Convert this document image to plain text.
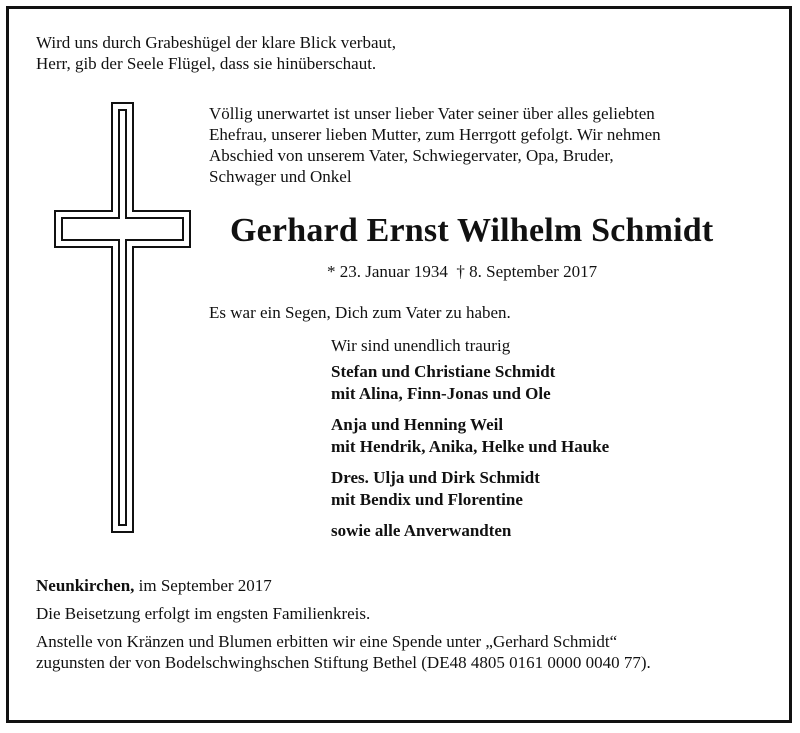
Wird uns durch Grabeshügel der klare Blick verbaut,
Herr, gib der Seele Flügel, dass sie hinüberschaut.
Völlig unerwartet ist unser lieber Vater seiner über alles geliebten
Ehefrau, unserer lieben Mutter, zum Herrgott gefolgt. Wir nehmen
Abschied von unserem Vater, Schwiegervater, Opa, Bruder,
Schwager und Onkel
Gerhard Ernst Wilhelm Schmidt
* 23. Januar 1934  † 8. September 2017
Es war ein Segen, Dich zum Vater zu haben.
Wir sind unendlich traurig
Stefan und Christiane Schmidt
mit Alina, Finn-Jonas und Ole
Anja und Henning Weil
mit Hendrik, Anika, Helke und Hauke
Dres. Ulja und Dirk Schmidt
mit Bendix und Florentine
sowie alle Anverwandten
Neunkirchen, im September 2017
Die Beisetzung erfolgt im engsten Familienkreis.
Anstelle von Kränzen und Blumen erbitten wir eine Spende unter „Gerhard Schmidt“
zugunsten der von Bodelschwinghschen Stiftung Bethel (DE48 4805 0161 0000 0040 77).
